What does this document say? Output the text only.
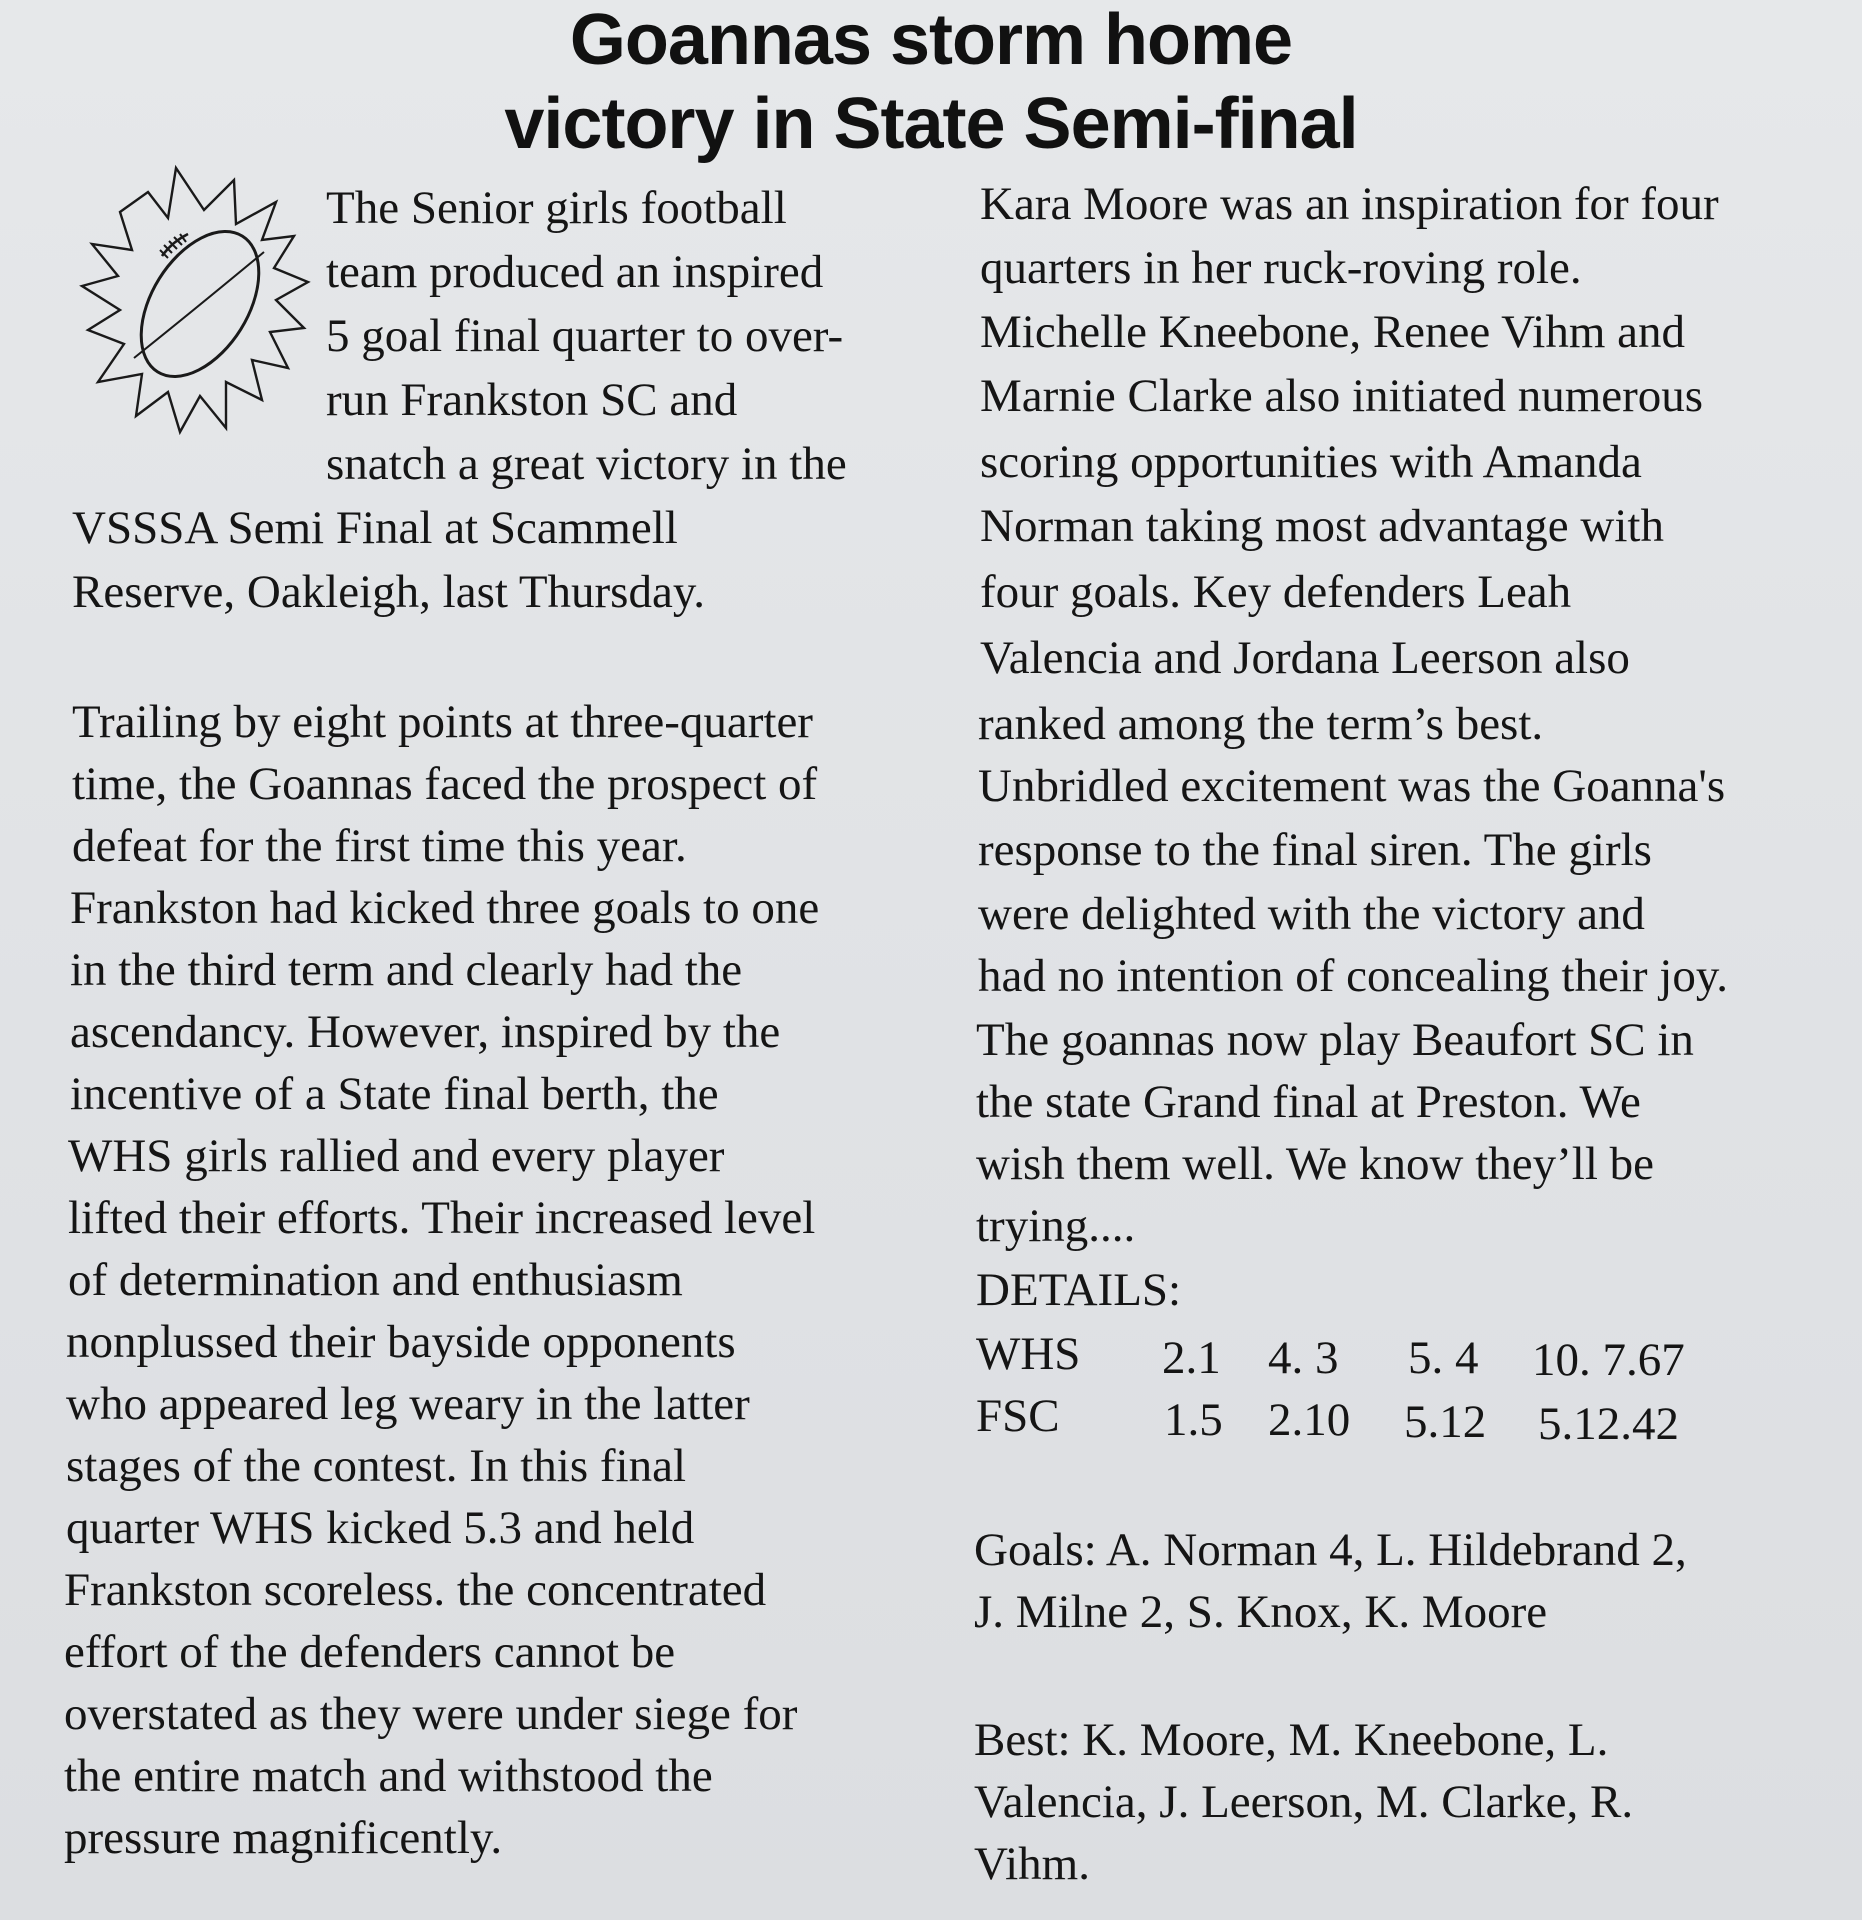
Goannas storm home
victory in State Semi-final

The Senior girls football

team produced an inspired

5 goal final quarter to over-

run Frankston SC and

snatch a great victory in the

VSSSA Semi Final at Scammell

Reserve, Oakleigh, last Thursday.

Trailing by eight points at three-quarter

time, the Goannas faced the prospect of

defeat for the first time this year.

Frankston had kicked three goals to one

in the third term and clearly had the

ascendancy. However, inspired by the

incentive of a State final berth, the

WHS girls rallied and every player

lifted their efforts. Their increased level

of determination and enthusiasm

nonplussed their bayside opponents

who appeared leg weary in the latter

stages of the contest. In this final

quarter WHS kicked 5.3 and held

Frankston scoreless. the concentrated

effort of the defenders cannot be

overstated as they were under siege for

the entire match and withstood the

pressure magnificently.

Kara Moore was an inspiration for four

quarters in her ruck-roving role.

Michelle Kneebone, Renee Vihm and

Marnie Clarke also initiated numerous

scoring opportunities with Amanda

Norman taking most advantage with

four goals. Key defenders Leah

Valencia and Jordana Leerson also

ranked among the term’s best.

Unbridled excitement was the Goanna's

response to the final siren. The girls

were delighted with the victory and

had no intention of concealing their joy.

The goannas now play Beaufort SC in

the state Grand final at Preston. We

wish them well. We know they’ll be

trying....

DETAILS:

WHS 2.1 4. 3 5. 4 10. 7.67
FSC 1.5 2.10 5.12 5.12.42

Goals: A. Norman 4, L. Hildebrand 2,

J. Milne 2, S. Knox, K. Moore

Best: K. Moore, M. Kneebone, L.

Valencia, J. Leerson, M. Clarke, R.

Vihm.
